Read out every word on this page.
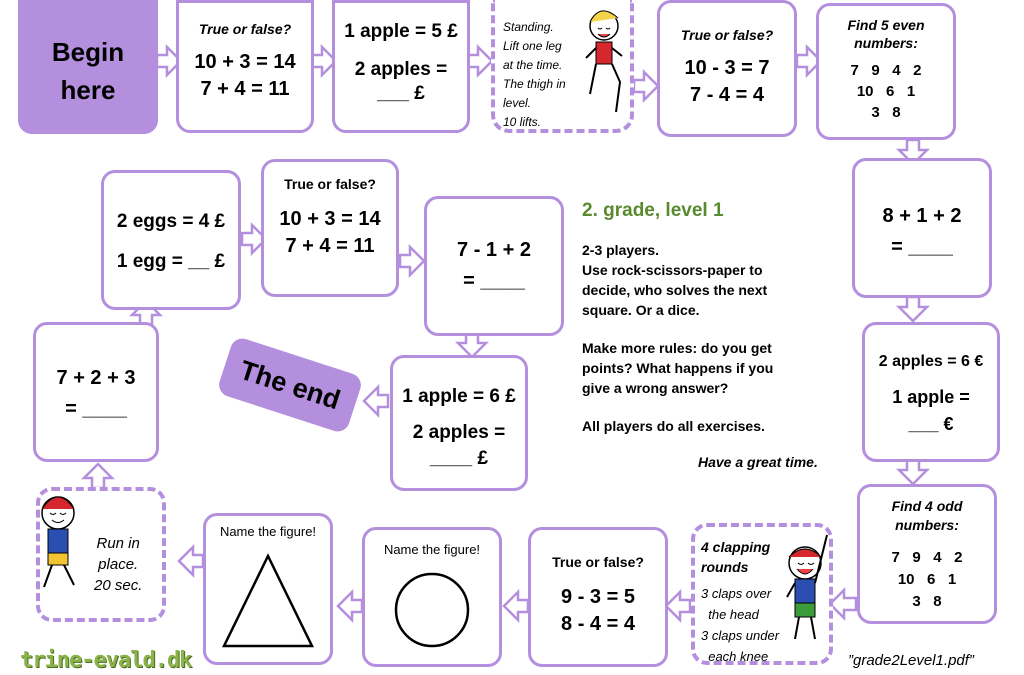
Begin
here
True or false?
10 + 3 = 14
7 + 4 = 11
1 apple = 5 £
2 apples =
___ £
Standing.
Lift one leg
at the time.
The thigh in
level.
10 lifts.
True or false?
10 - 3 = 7
7 - 4 = 4
Find 5 even
numbers:
7   9   4   2
10   6   1
3   8
8 + 1 + 2
= ____
2 apples = 6 €
1 apple =
___ €
Find 4 odd
numbers:
7   9   4   2
10   6   1
3   8
4 clapping
rounds
3 claps over
the head
3 claps under
each knee
True or false?
9 - 3 = 5
8 - 4 = 4
Name the figure!
Name the figure!
Run in
place.
20 sec.
7 + 2 + 3
= ____
2 eggs = 4 £
1 egg = __ £
True or false?
10 + 3 = 14
7 + 4 = 11	7 - 1 + 2
= ____
1 apple = 6 £
2 apples =
____ £
The end
2. grade, level 1
2-3 players.
Use rock-scissors-paper to
decide, who solves the next
square. Or a dice.
Make more rules: do you get
points? What happens if you
give a wrong answer?
All players do all exercises.
Have a great time.
trine-evald.dk	”grade2Level1.pdf”
